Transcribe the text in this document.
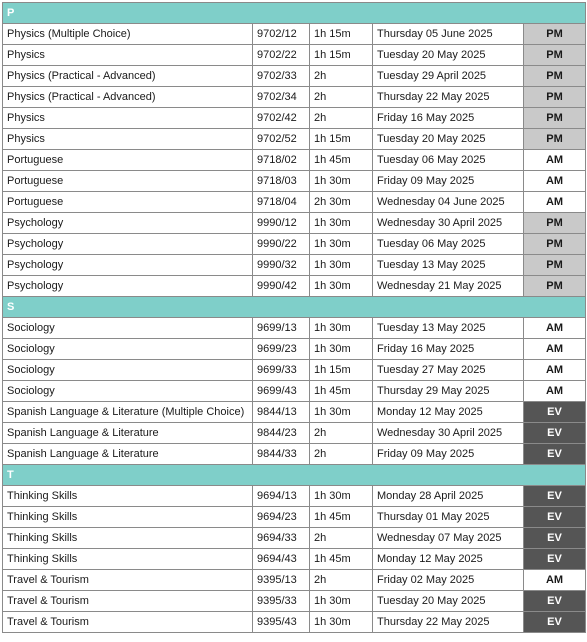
P				
Physics (Multiple Choice)	9702/12	1h 15m	Thursday 05 June 2025	PM
Physics	9702/22	1h 15m	Tuesday 20 May 2025	PM
Physics (Practical - Advanced)	9702/33	2h	Tuesday 29 April 2025	PM
Physics (Practical - Advanced)	9702/34	2h	Thursday 22 May 2025	PM
Physics	9702/42	2h	Friday 16 May 2025	PM
Physics	9702/52	1h 15m	Tuesday 20 May 2025	PM
Portuguese	9718/02	1h 45m	Tuesday 06 May 2025	AM
Portuguese	9718/03	1h 30m	Friday 09 May 2025	AM
Portuguese	9718/04	2h 30m	Wednesday 04 June 2025	AM
Psychology	9990/12	1h 30m	Wednesday 30 April 2025	PM
Psychology	9990/22	1h 30m	Tuesday 06 May 2025	PM
Psychology	9990/32	1h 30m	Tuesday 13 May 2025	PM
Psychology	9990/42	1h 30m	Wednesday 21 May 2025	PM
S				
Sociology	9699/13	1h 30m	Tuesday 13 May 2025	AM
Sociology	9699/23	1h 30m	Friday 16 May 2025	AM
Sociology	9699/33	1h 15m	Tuesday 27 May 2025	AM
Sociology	9699/43	1h 45m	Thursday 29 May 2025	AM
Spanish Language & Literature (Multiple Choice)	9844/13	1h 30m	Monday 12 May 2025	EV
Spanish Language & Literature	9844/23	2h	Wednesday 30 April 2025	EV
Spanish Language & Literature	9844/33	2h	Friday 09 May 2025	EV
T				
Thinking Skills	9694/13	1h 30m	Monday 28 April 2025	EV
Thinking Skills	9694/23	1h 45m	Thursday 01 May 2025	EV
Thinking Skills	9694/33	2h	Wednesday 07 May 2025	EV
Thinking Skills	9694/43	1h 45m	Monday 12 May 2025	EV
Travel & Tourism	9395/13	2h	Friday 02 May 2025	AM
Travel & Tourism	9395/33	1h 30m	Tuesday 20 May 2025	EV
Travel & Tourism	9395/43	1h 30m	Thursday 22 May 2025	EV
